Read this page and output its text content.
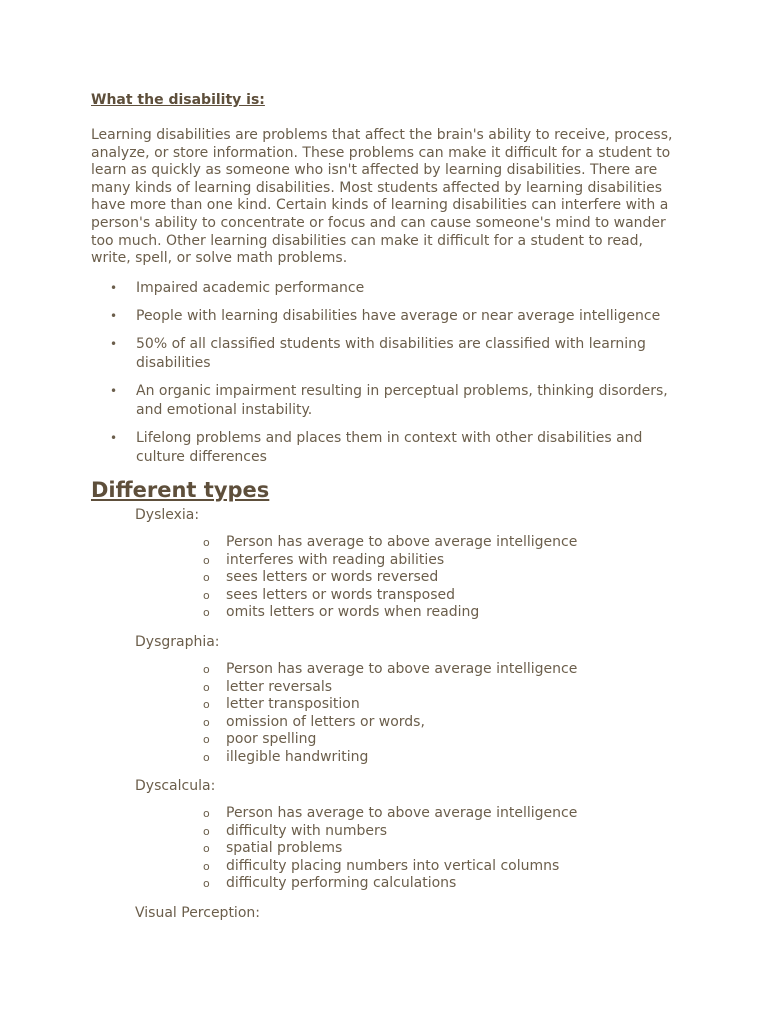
What the disability is:

Learning disabilities are problems that affect the brain's ability to receive, process,
analyze, or store information. These problems can make it difficult for a student to
learn as quickly as someone who isn't affected by learning disabilities. There are
many kinds of learning disabilities. Most students affected by learning disabilities
have more than one kind. Certain kinds of learning disabilities can interfere with a
person's ability to concentrate or focus and can cause someone's mind to wander
too much. Other learning disabilities can make it difficult for a student to read,
write, spell, or solve math problems.

• Impaired academic performance
• People with learning disabilities have average or near average intelligence
• 50% of all classified students with disabilities are classified with learning
disabilities
• An organic impairment resulting in perceptual problems, thinking disorders,
and emotional instability.
• Lifelong problems and places them in context with other disabilities and
culture differences
Different types

Dyslexia:

o Person has average to above average intelligence
o interferes with reading abilities
o sees letters or words reversed
o sees letters or words transposed
o omits letters or words when reading

Dysgraphia:

o Person has average to above average intelligence
o letter reversals
o letter transposition
o omission of letters or words,
o poor spelling
o illegible handwriting

Dyscalcula:

o Person has average to above average intelligence
o difficulty with numbers
o spatial problems
o difficulty placing numbers into vertical columns
o difficulty performing calculations

Visual Perception:
